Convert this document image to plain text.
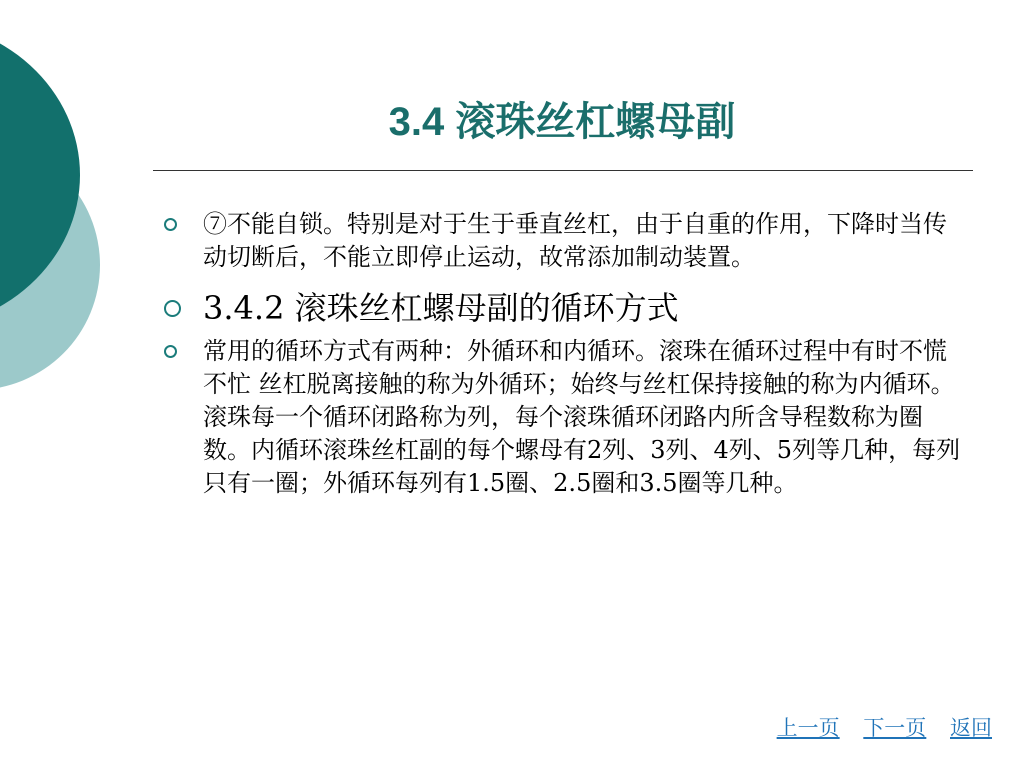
3.4 滚珠丝杠螺母副
⑦不能自锁。特别是对于生于垂直丝杠，由于自重的作用，下降时当传动切断后，不能立即停止运动，故常添加制动装置。
3.4.2 滚珠丝杠螺母副的循环方式
常用的循环方式有两种：外循环和内循环。滚珠在循环过程中有时不慌不忙 丝杠脱离接触的称为外循环；始终与丝杠保持接触的称为内循环。滚珠每一个循环闭路称为列，每个滚珠循环闭路内所含导程数称为圈数。内循环滚珠丝杠副的每个螺母有2列、3列、4列、5列等几种，每列只有一圈；外循环每列有1.5圈、2.5圈和3.5圈等几种。
上一页 下一页 返回
